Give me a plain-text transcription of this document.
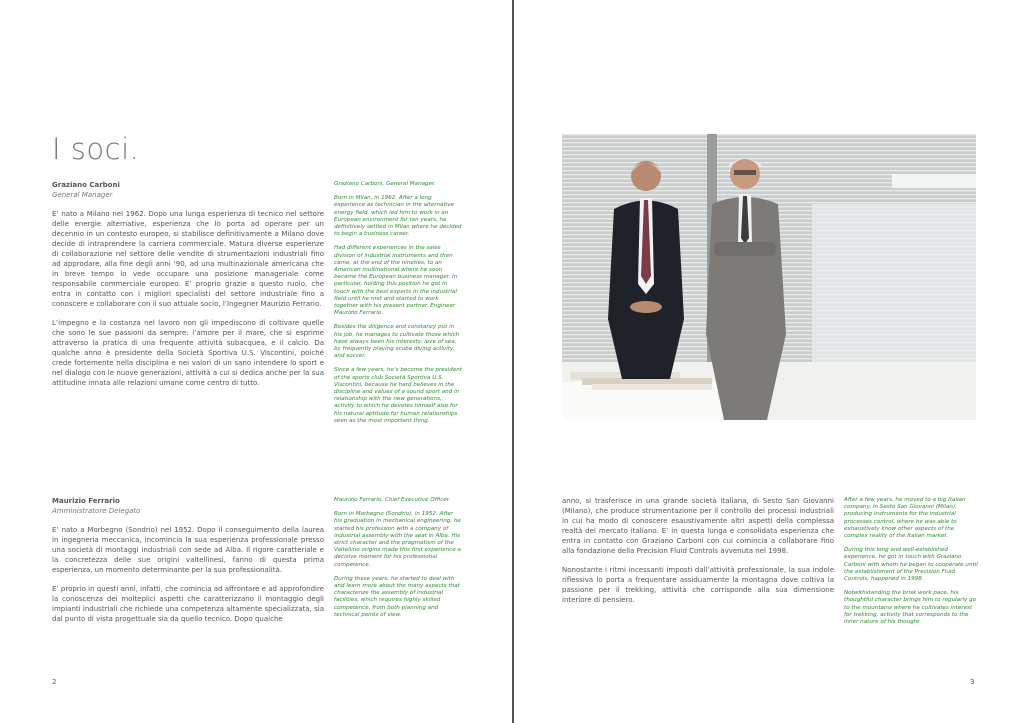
I soci.
Graziano Carboni
General Manager

E’ nato a Milano nel 1962. Dopo una lunga esperienza di tecnico nel settore delle energie alternative, esperienza che lo porta ad operare per un decennio in un contesto europeo, si stabilisce definitivamente a Milano dove decide di intraprendere la carriera commerciale. Matura diverse esperienze di collaborazione nel settore delle vendite di strumentazioni industriali fino ad approdare, alla fine degli anni ‘90, ad una multinazionale americana che in breve tempo lo vede occupare una posizione manageriale come responsabile commerciale europeo. E’ proprio grazie a questo ruolo, che entra in contatto con i migliori specialisti del settore industriale fino a conoscere e collaborare con il suo attuale socio, l’Ingegner Maurizio Ferrario.

L’impegno e la costanza nel lavoro non gli impediscono di coltivare quelle che sono le sue passioni da sempre: l’amore per il mare, che si esprime attraverso la pratica di una frequente attività subacquea, e il calcio. Da qualche anno è presidente della Società Sportiva U.S. Viscontini, poiché crede fortemente nella disciplina e nei valori di un sano intendere lo sport e nel dialogo con le nuove generazioni, attività a cui si dedica anche per la sua attitudine innata alle relazioni umane come centro di tutto.

Graziano Carboni, General Manager.

Born in Milan, in 1962. After a long experience as technician in the alternative energy field, which led him to work in an European environment for ten years, he definitively settled in Milan where he decided to begin a business career.

Had different experiences in the sales division of industrial instruments and then came, at the end of the nineties, to an American multinational where he soon became the European business manager. In particular, holding this position he got in touch with the best experts in the industrial field until he met and started to work together with his present partner, Engineer Maurizio Ferrario.

Besides the diligence and constancy put in his job, he manages to cultivate those which have always been his interests: love of sea, by frequently playing scuba diving activity, and soccer.

Since a few years, he’s become the president of the sports club Società Sportiva U.S. Viscontini, because he hard believes in the discipline and values of a sound sport and in relationship with the new generations, activity to which he devotes himself also for his natural aptitude for human relationships seen as the most important thing.

Maurizio Ferrario
Amministratore Delegato

E’ nato a Morbegno (Sondrio) nel 1952. Dopo il conseguimento della laurea in ingegneria meccanica, incomincia la sua esperienza professionale presso una società di montaggi industriali con sede ad Alba. Il rigore caratteriale e la concretezza delle sue origini valtellinesi, fanno di questa prima esperienza, un momento determinante per la sua professionalità.

E’ proprio in questi anni, infatti, che comincia ad affrontare e ad approfondire la conoscenza dei molteplici aspetti che caratterizzano il montaggio degli impianti industriali che richiede una competenza altamente specializzata, sia dal punto di vista progettuale sia da quello tecnico. Dopo qualche

Maurizio Ferrario, Chief Executive Officer.

Born in Morbegno (Sondrio), in 1952. After his graduation in mechanical engineering, he started his profession with a company of industrial assembly with the seat in Alba. His strict character and the pragmatism of the Valtellino origins made this first experience a decisive moment for his professional competence.

During these years, he started to deal with and learn more about the many aspects that characterize the assembly of industrial facilities, which requires highly skilled competence, from both planning and technical points of view.

2

anno, si trasferisce in una grande società italiana, di Sesto San Giovanni (Milano), che produce strumentazione per il controllo dei processi industriali in cui ha modo di conoscere esaustivamente altri aspetti della complessa realtà del mercato italiano. E’ in questa lunga e consolidata esperienza che entra in contatto con Graziano Carboni con cui comincia a collaborare fino alla fondazione della Precision Fluid Controls avvenuta nel 1998.

Nonostante i ritmi incessanti imposti dall’attività professionale, la sua indole riflessiva lo porta a frequentare assiduamente la montagna dove coltiva la passione per il trekking, attività che corrisponde alla sua dimensione interiore di pensiero.

After a few years, he moved to a big Italian company, in Sesto San Giovanni (Milan), producing instruments for the industrial processes control, where he was able to exhaustively know other aspects of the complex reality of the Italian market.

During this long and well-established experience, he got in touch with Graziano Carboni with whom he began to cooperate until the establishment of the Precision Fluid Controls, happened in 1998.

Notwithstanding the brisk work pace, his thoughtful character brings him to regularly go to the mountains where he cultivates interest for trekking, activity that corresponds to the inner nature of his thought.

3
